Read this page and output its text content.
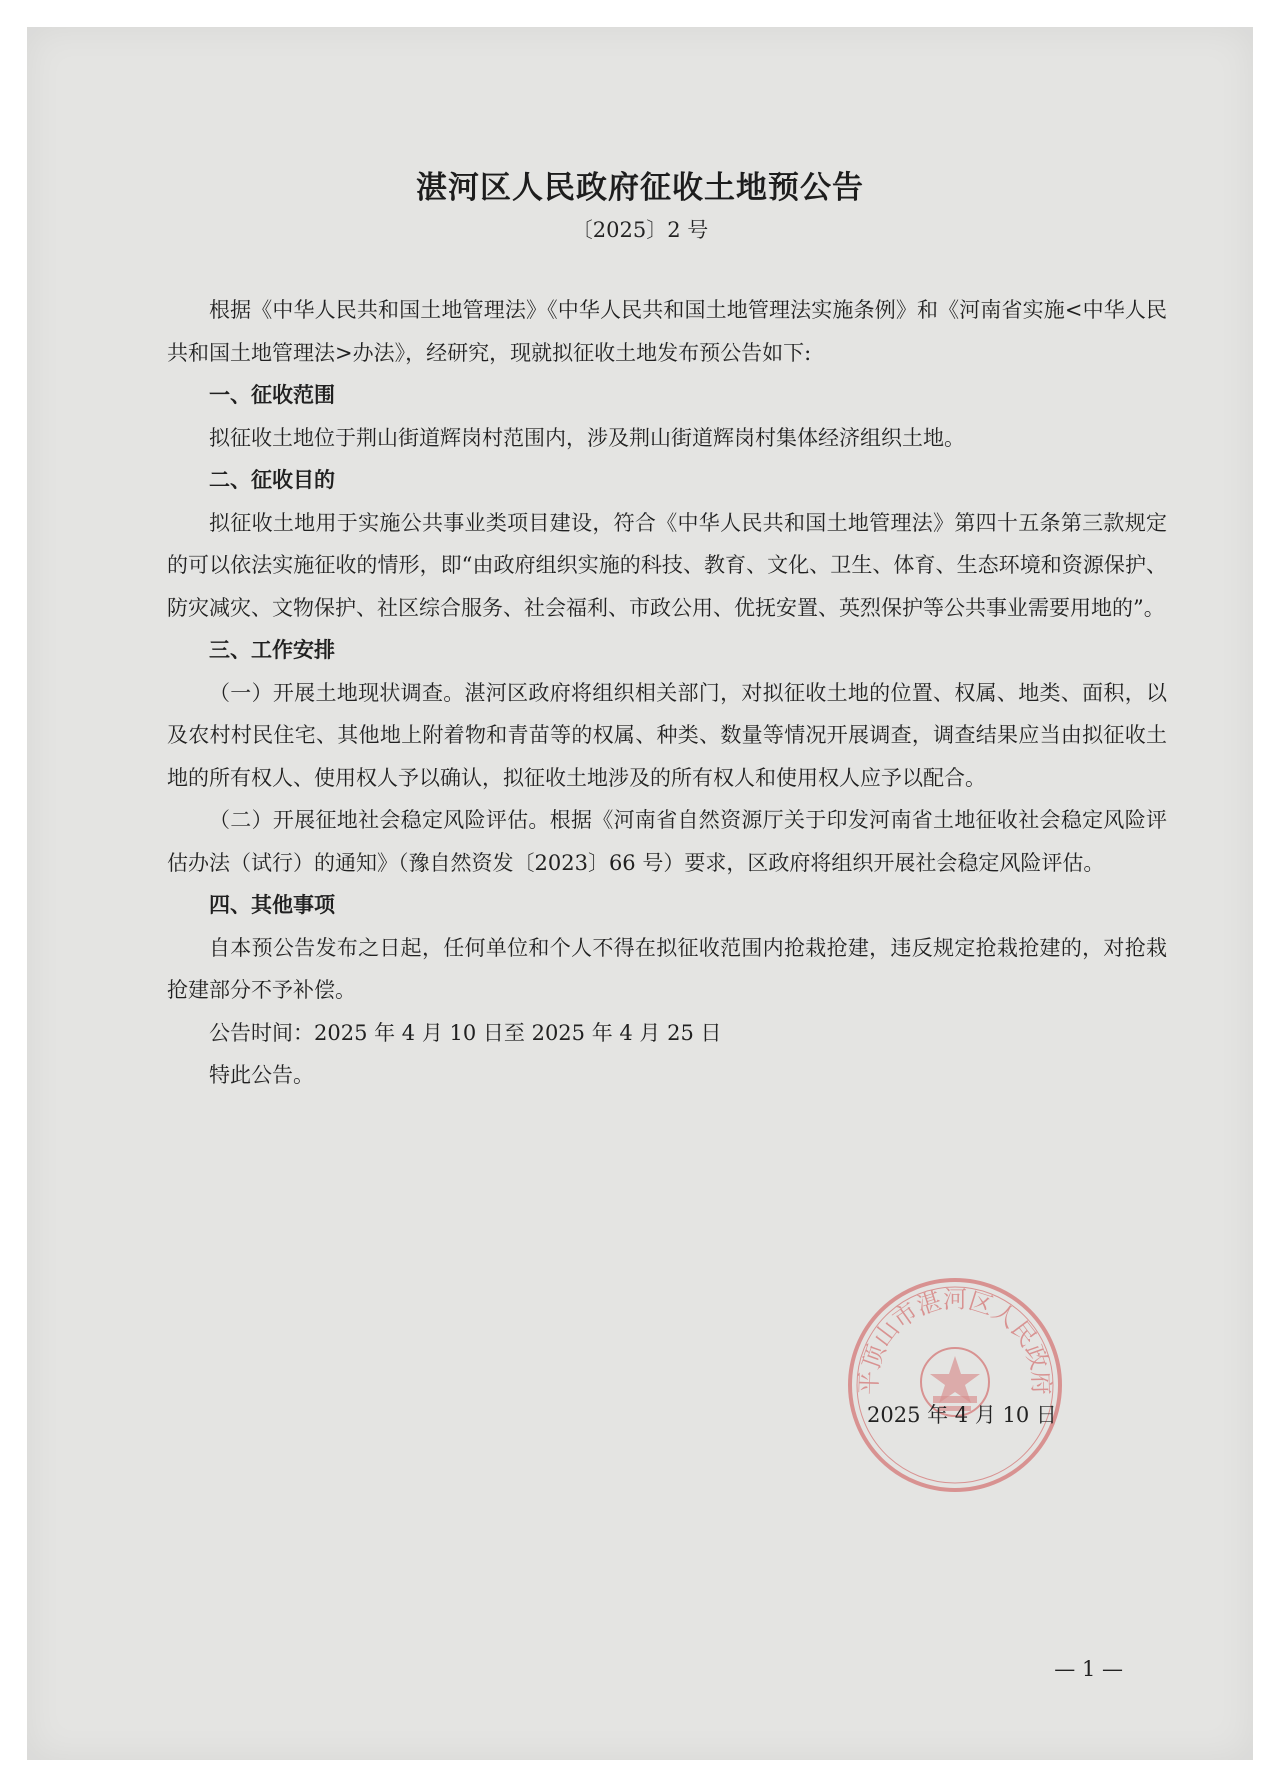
湛河区人民政府征收土地预公告
〔2025〕2 号

根据《中华人民共和国土地管理法》《中华人民共和国土地管理法实施条例》和《河南省实施<中华人民共和国土地管理法>办法》，经研究，现就拟征收土地发布预公告如下:

一、征收范围

拟征收土地位于荆山街道辉岗村范围内，涉及荆山街道辉岗村集体经济组织土地。

二、征收目的

拟征收土地用于实施公共事业类项目建设，符合《中华人民共和国土地管理法》第四十五条第三款规定的可以依法实施征收的情形，即“由政府组织实施的科技、教育、文化、卫生、体育、生态环境和资源保护、防灾减灾、文物保护、社区综合服务、社会福利、市政公用、优抚安置、英烈保护等公共事业需要用地的”。

三、工作安排

（一）开展土地现状调查。湛河区政府将组织相关部门，对拟征收土地的位置、权属、地类、面积，以及农村村民住宅、其他地上附着物和青苗等的权属、种类、数量等情况开展调查，调查结果应当由拟征收土地的所有权人、使用权人予以确认，拟征收土地涉及的所有权人和使用权人应予以配合。

（二）开展征地社会稳定风险评估。根据《河南省自然资源厅关于印发河南省土地征收社会稳定风险评估办法（试行）的通知》（豫自然资发〔2023〕66 号）要求，区政府将组织开展社会稳定风险评估。

四、其他事项

自本预公告发布之日起，任何单位和个人不得在拟征收范围内抢栽抢建，违反规定抢栽抢建的，对抢栽抢建部分不予补偿。

公告时间：2025 年 4 月 10 日至 2025 年 4 月 25 日

特此公告。

平顶山市湛河区人民政府
2025 年 4 月 10 日
— 1 —
